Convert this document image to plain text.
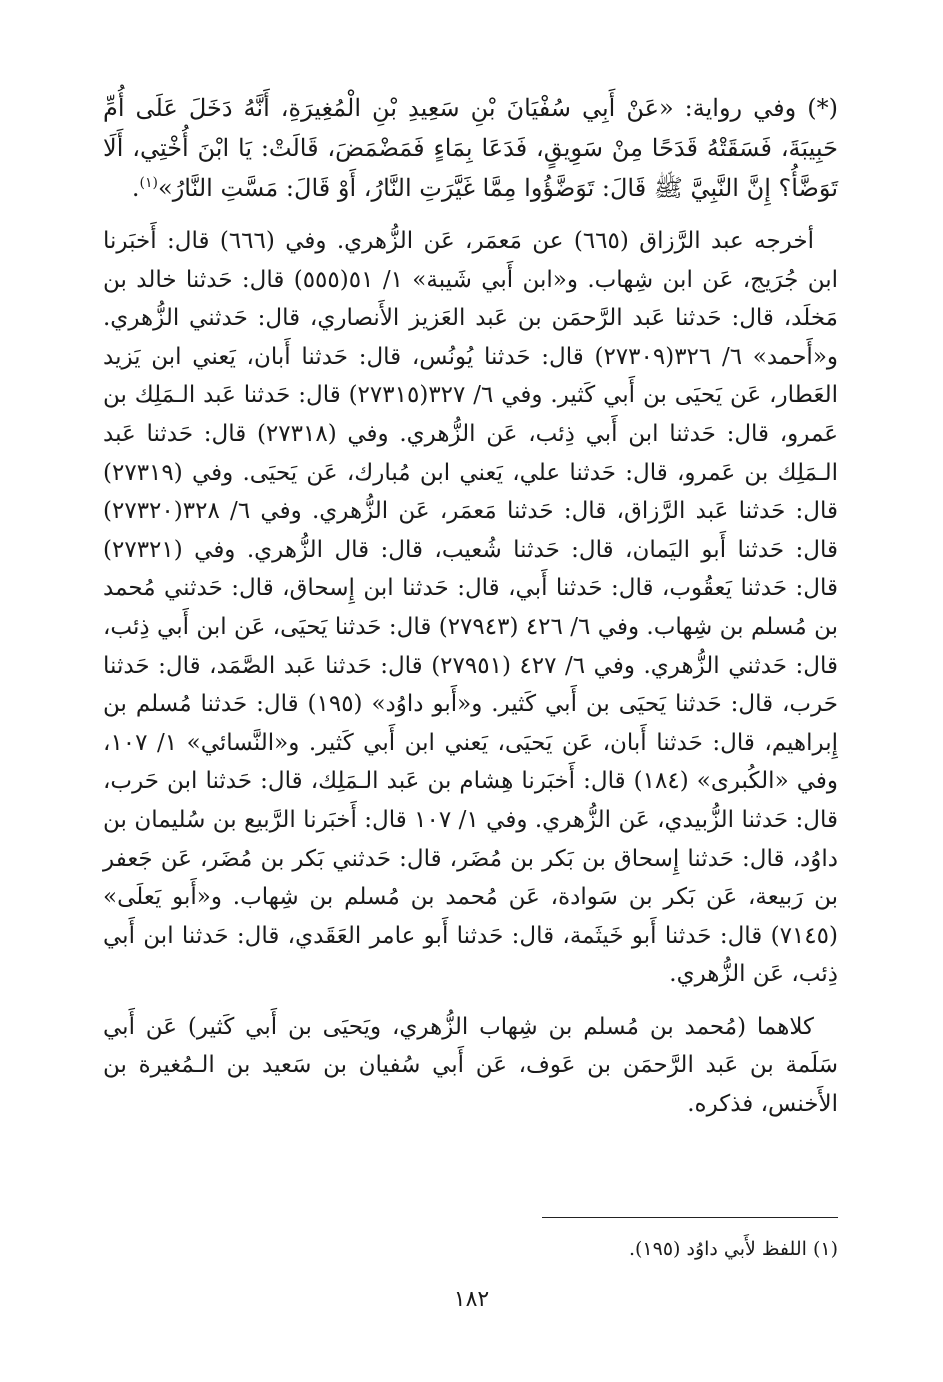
(*) وفي رواية: «عَنْ أَبِي سُفْيَانَ بْنِ سَعِيدِ بْنِ الْمُغِيرَةِ، أَنَّهُ دَخَلَ عَلَى أُمِّ حَبِيبَةَ، فَسَقَتْهُ قَدَحًا مِنْ سَوِيقٍ، فَدَعَا بِمَاءٍ فَمَضْمَضَ، قَالَتْ: يَا ابْنَ أُخْتِي، أَلَا تَوَضَّأُ؟ إِنَّ النَّبِيَّ ﷺ قَالَ: تَوَضَّؤُوا مِمَّا غَيَّرَتِ النَّارُ، أَوْ قَالَ: مَسَّتِ النَّارُ»$^{(١)}$.

أخرجه عبد الرَّزاق (٦٦٥) عن مَعمَر، عَن الزُّهري. وفي (٦٦٦) قال: أَخبَرنا ابن جُرَيج، عَن ابن شِهاب. و«ابن أَبي شَيبة» ١/ ٥١(٥٥٥) قال: حَدثنا خالد بن مَخلَد، قال: حَدثنا عَبد الرَّحمَن بن عَبد العَزيز الأَنصاري، قال: حَدثني الزُّهري. و«أَحمد» ٦/ ٣٢٦(٢٧٣٠٩) قال: حَدثنا يُونُس، قال: حَدثنا أَبان، يَعني ابن يَزيد العَطار، عَن يَحيَى بن أَبي كَثير. وفي ٦/ ٣٢٧(٢٧٣١٥) قال: حَدثنا عَبد الـمَلِك بن عَمرو، قال: حَدثنا ابن أَبي ذِئب، عَن الزُّهري. وفي (٢٧٣١٨) قال: حَدثنا عَبد الـمَلِك بن عَمرو، قال: حَدثنا علي، يَعني ابن مُبارك، عَن يَحيَى. وفي (٢٧٣١٩) قال: حَدثنا عَبد الرَّزاق، قال: حَدثنا مَعمَر، عَن الزُّهري. وفي ٦/ ٣٢٨(٢٧٣٢٠) قال: حَدثنا أَبو اليَمان، قال: حَدثنا شُعيب، قال: قال الزُّهري. وفي (٢٧٣٢١) قال: حَدثنا يَعقُوب، قال: حَدثنا أَبي، قال: حَدثنا ابن إِسحاق، قال: حَدثني مُحمد بن مُسلم بن شِهاب. وفي ٦/ ٤٢٦ (٢٧٩٤٣) قال: حَدثنا يَحيَى، عَن ابن أَبي ذِئب، قال: حَدثني الزُّهري. وفي ٦/ ٤٢٧ (٢٧٩٥١) قال: حَدثنا عَبد الصَّمَد، قال: حَدثنا حَرب، قال: حَدثنا يَحيَى بن أَبي كَثير. و«أَبو داوُد» (١٩٥) قال: حَدثنا مُسلم بن إِبراهيم، قال: حَدثنا أَبان، عَن يَحيَى، يَعني ابن أَبي كَثير. و«النَّسائي» ١/ ١٠٧، وفي «الكُبرى» (١٨٤) قال: أَخبَرنا هِشام بن عَبد الـمَلِك، قال: حَدثنا ابن حَرب، قال: حَدثنا الزُّبيدي، عَن الزُّهري. وفي ١/ ١٠٧ قال: أَخبَرنا الرَّبيع بن سُليمان بن داوُد، قال: حَدثنا إِسحاق بن بَكر بن مُضَر، قال: حَدثني بَكر بن مُضَر، عَن جَعفر بن رَبيعة، عَن بَكر بن سَوادة، عَن مُحمد بن مُسلم بن شِهاب. و«أَبو يَعلَى» (٧١٤٥) قال: حَدثنا أَبو خَيثَمة، قال: حَدثنا أَبو عامر العَقَدي، قال: حَدثنا ابن أَبي ذِئب، عَن الزُّهري.

كلاهما (مُحمد بن مُسلم بن شِهاب الزُّهري، ويَحيَى بن أَبي كَثير) عَن أَبي سَلَمة بن عَبد الرَّحمَن بن عَوف، عَن أَبي سُفيان بن سَعيد بن الـمُغيرة بن الأَخنس، فذكره.

(١) اللفظ لأَبي داوُد (١٩٥).

١٨٢
